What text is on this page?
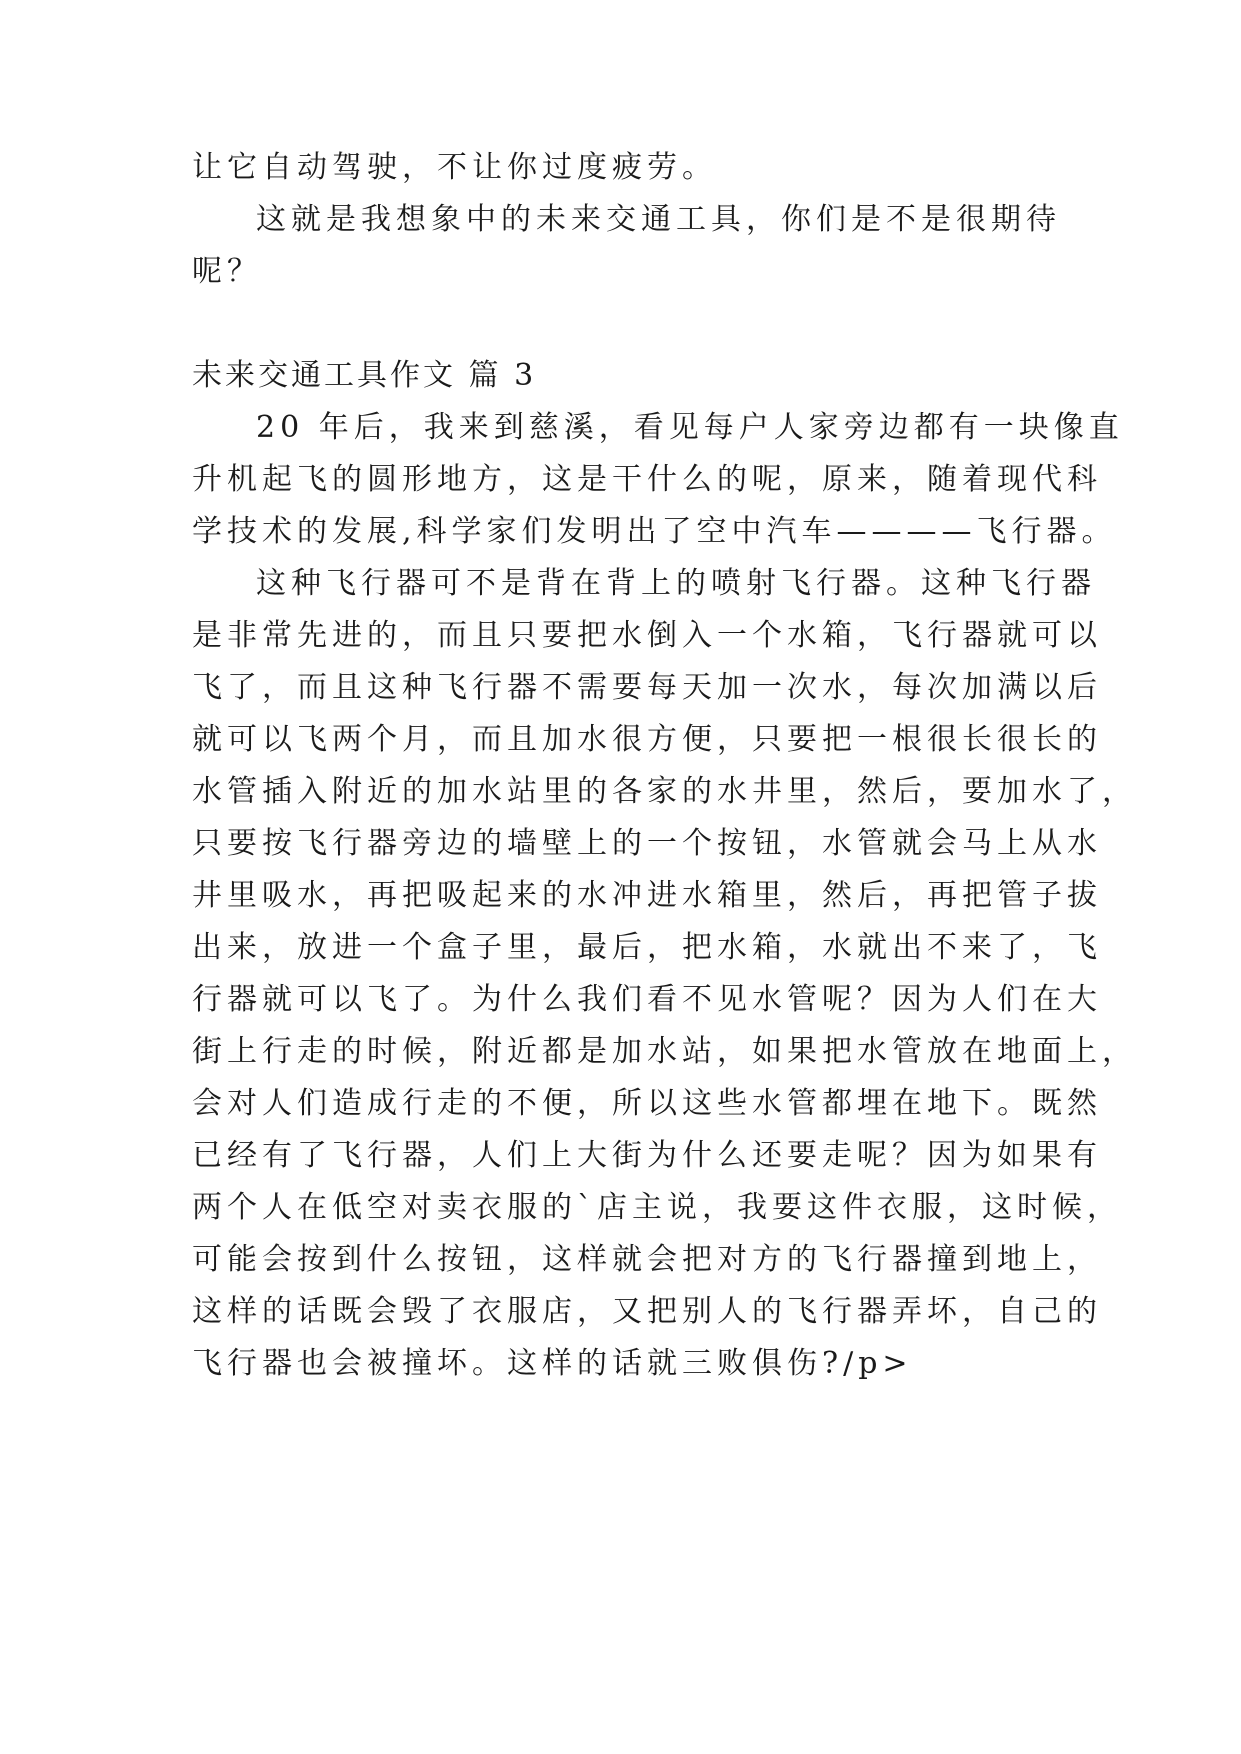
让它自动驾驶，不让你过度疲劳。
这就是我想象中的未来交通工具，你们是不是很期待
呢？
未来交通工具作文 篇 3
20 年后，我来到慈溪，看见每户人家旁边都有一块像直
升机起飞的圆形地方，这是干什么的呢，原来，随着现代科
学技术的发展,科学家们发明出了空中汽车————飞行器。
这种飞行器可不是背在背上的喷射飞行器。这种飞行器
是非常先进的，而且只要把水倒入一个水箱，飞行器就可以
飞了，而且这种飞行器不需要每天加一次水，每次加满以后
就可以飞两个月，而且加水很方便，只要把一根很长很长的
水管插入附近的加水站里的各家的水井里，然后，要加水了，
只要按飞行器旁边的墙壁上的一个按钮，水管就会马上从水
井里吸水，再把吸起来的水冲进水箱里，然后，再把管子拔
出来，放进一个盒子里，最后，把水箱，水就出不来了，飞
行器就可以飞了。为什么我们看不见水管呢？因为人们在大
街上行走的时候，附近都是加水站，如果把水管放在地面上，
会对人们造成行走的不便，所以这些水管都埋在地下。既然
已经有了飞行器，人们上大街为什么还要走呢？因为如果有
两个人在低空对卖衣服的`店主说，我要这件衣服，这时候，
可能会按到什么按钮，这样就会把对方的飞行器撞到地上，
这样的话既会毁了衣服店，又把别人的飞行器弄坏，自己的
飞行器也会被撞坏。这样的话就三败俱伤?/p>
